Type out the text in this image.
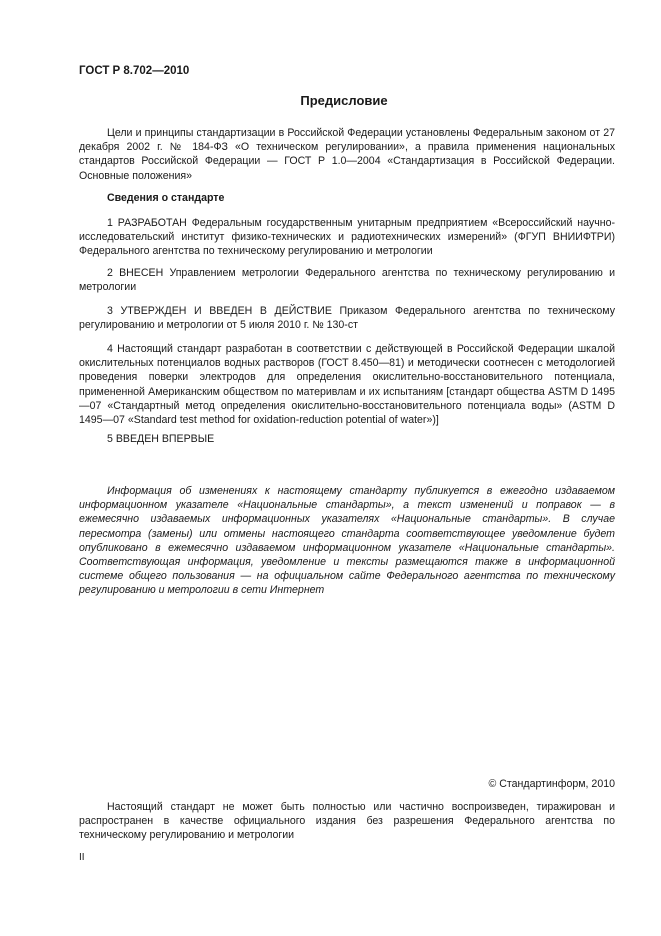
ГОСТ Р 8.702—2010
Предисловие

Цели и принципы стандартизации в Российской Федерации установлены Федеральным законом от 27 декабря 2002 г. № 184-ФЗ «О техническом регулировании», а правила применения национальных стандартов Российской Федерации — ГОСТ Р 1.0—2004 «Стандартизация в Российской Федерации. Основные положения»

Сведения о стандарте

1 РАЗРАБОТАН Федеральным государственным унитарным предприятием «Всероссийский научно-исследовательский институт физико-технических и радиотехнических измерений» (ФГУП ВНИИФТРИ) Федерального агентства по техническому регулированию и метрологии

2 ВНЕСЕН Управлением метрологии Федерального агентства по техническому регулированию и метрологии

3 УТВЕРЖДЕН И ВВЕДЕН В ДЕЙСТВИЕ Приказом Федерального агентства по техническому регулированию и метрологии от 5 июля 2010 г. № 130-ст

4 Настоящий стандарт разработан в соответствии с действующей в Российской Федерации шкалой окислительных потенциалов водных растворов (ГОСТ 8.450—81) и методически соотнесен с методологией проведения поверки электродов для определения окислительно-восстановительного потенциала, примененной Американским обществом по материвлам и их испытаниям [стандарт общества ASTM D 1495—07 «Стандартный метод определения окислительно-восстановительного потенциала воды» (ASTM D 1495—07 «Standard test method for oxidation-reduction potential of water»)]

5 ВВЕДЕН ВПЕРВЫЕ

Информация об изменениях к настоящему стандарту публикуется в ежегодно издаваемом информационном указателе «Национальные стандарты», а текст изменений и поправок — в ежемесячно издаваемых информационных указателях «Национальные стандарты». В случае пересмотра (замены) или отмены настоящего стандарта соответствующее уведомление будет опубликовано в ежемесячно издаваемом информационном указателе «Национальные стандарты». Соответствующая информация, уведомление и тексты размещаются также в информационной системе общего пользования — на официальном сайте Федерального агентства по техническому регулированию и метрологии в сети Интернет

© Стандартинформ, 2010

Настоящий стандарт не может быть полностью или частично воспроизведен, тиражирован и распространен в качестве официального издания без разрешения Федерального агентства по техническому регулированию и метрологии

II
